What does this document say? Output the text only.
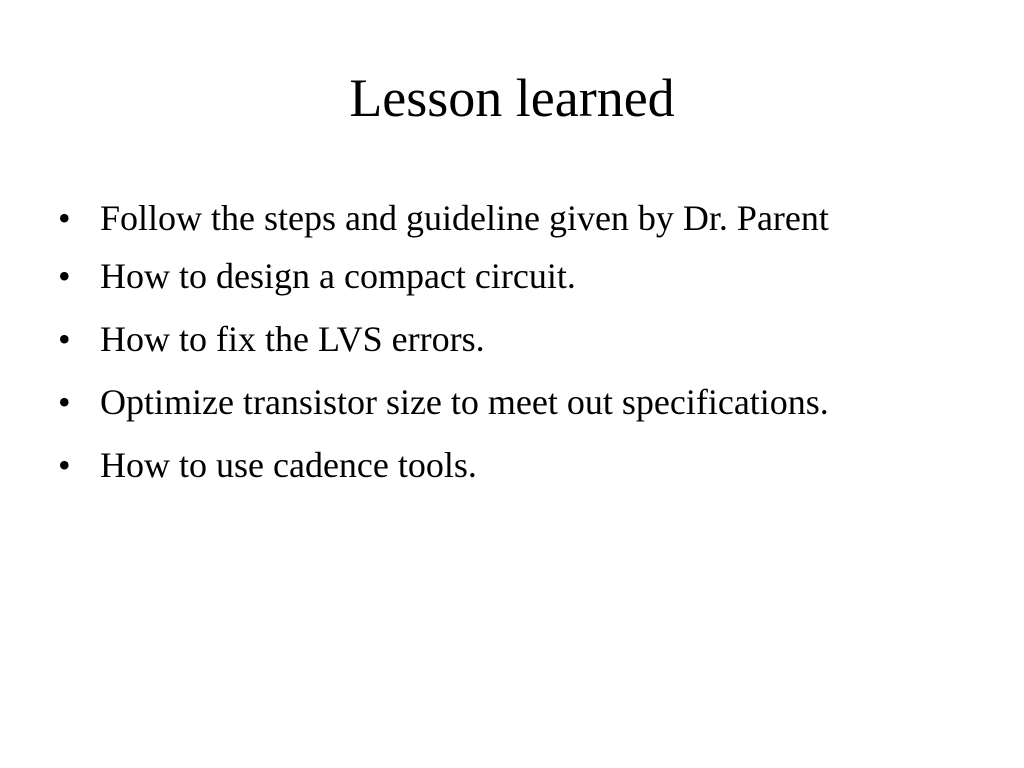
Lesson learned
• Follow the steps and guideline given by Dr. Parent
• How to design a compact circuit.
• How to fix the LVS errors.
• Optimize transistor size to meet out specifications.
• How to use cadence tools.
